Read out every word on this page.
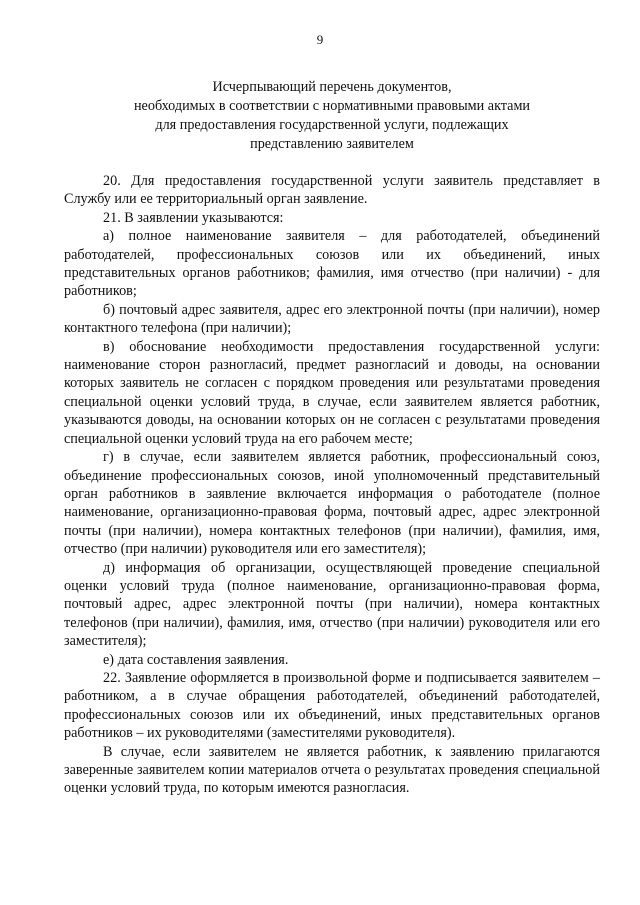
9
Исчерпывающий перечень документов,
необходимых в соответствии с нормативными правовыми актами
для предоставления государственной услуги, подлежащих
представлению заявителем

20. Для предоставления государственной услуги заявитель представляет в Службу или ее территориальный орган заявление.

21. В заявлении указываются:

а) полное наименование заявителя – для работодателей, объединений работодателей, профессиональных союзов или их объединений, иных представительных органов работников; фамилия, имя отчество (при наличии) - для работников;

б) почтовый адрес заявителя, адрес его электронной почты (при наличии), номер контактного телефона (при наличии);

в) обоснование необходимости предоставления государственной услуги: наименование сторон разногласий, предмет разногласий и доводы, на основании которых заявитель не согласен с порядком проведения или результатами проведения специальной оценки условий труда, в случае, если заявителем является работник, указываются доводы, на основании которых он не согласен с результатами проведения специальной оценки условий труда на его рабочем месте;

г) в случае, если заявителем является работник, профессиональный союз, объединение профессиональных союзов, иной уполномоченный представительный орган работников в заявление включается информация о работодателе (полное наименование, организационно-правовая форма, почтовый адрес, адрес электронной почты (при наличии), номера контактных телефонов (при наличии), фамилия, имя, отчество (при наличии) руководителя или его заместителя);

д) информация об организации, осуществляющей проведение специальной оценки условий труда (полное наименование, организационно-правовая форма, почтовый адрес, адрес электронной почты (при наличии), номера контактных телефонов (при наличии), фамилия, имя, отчество (при наличии) руководителя или его заместителя);

е) дата составления заявления.

22. Заявление оформляется в произвольной форме и подписывается заявителем – работником, а в случае обращения работодателей, объединений работодателей, профессиональных союзов или их объединений, иных представительных органов работников – их руководителями (заместителями руководителя).

В случае, если заявителем не является работник, к заявлению прилагаются заверенные заявителем копии материалов отчета о результатах проведения специальной оценки условий труда, по которым имеются разногласия.
